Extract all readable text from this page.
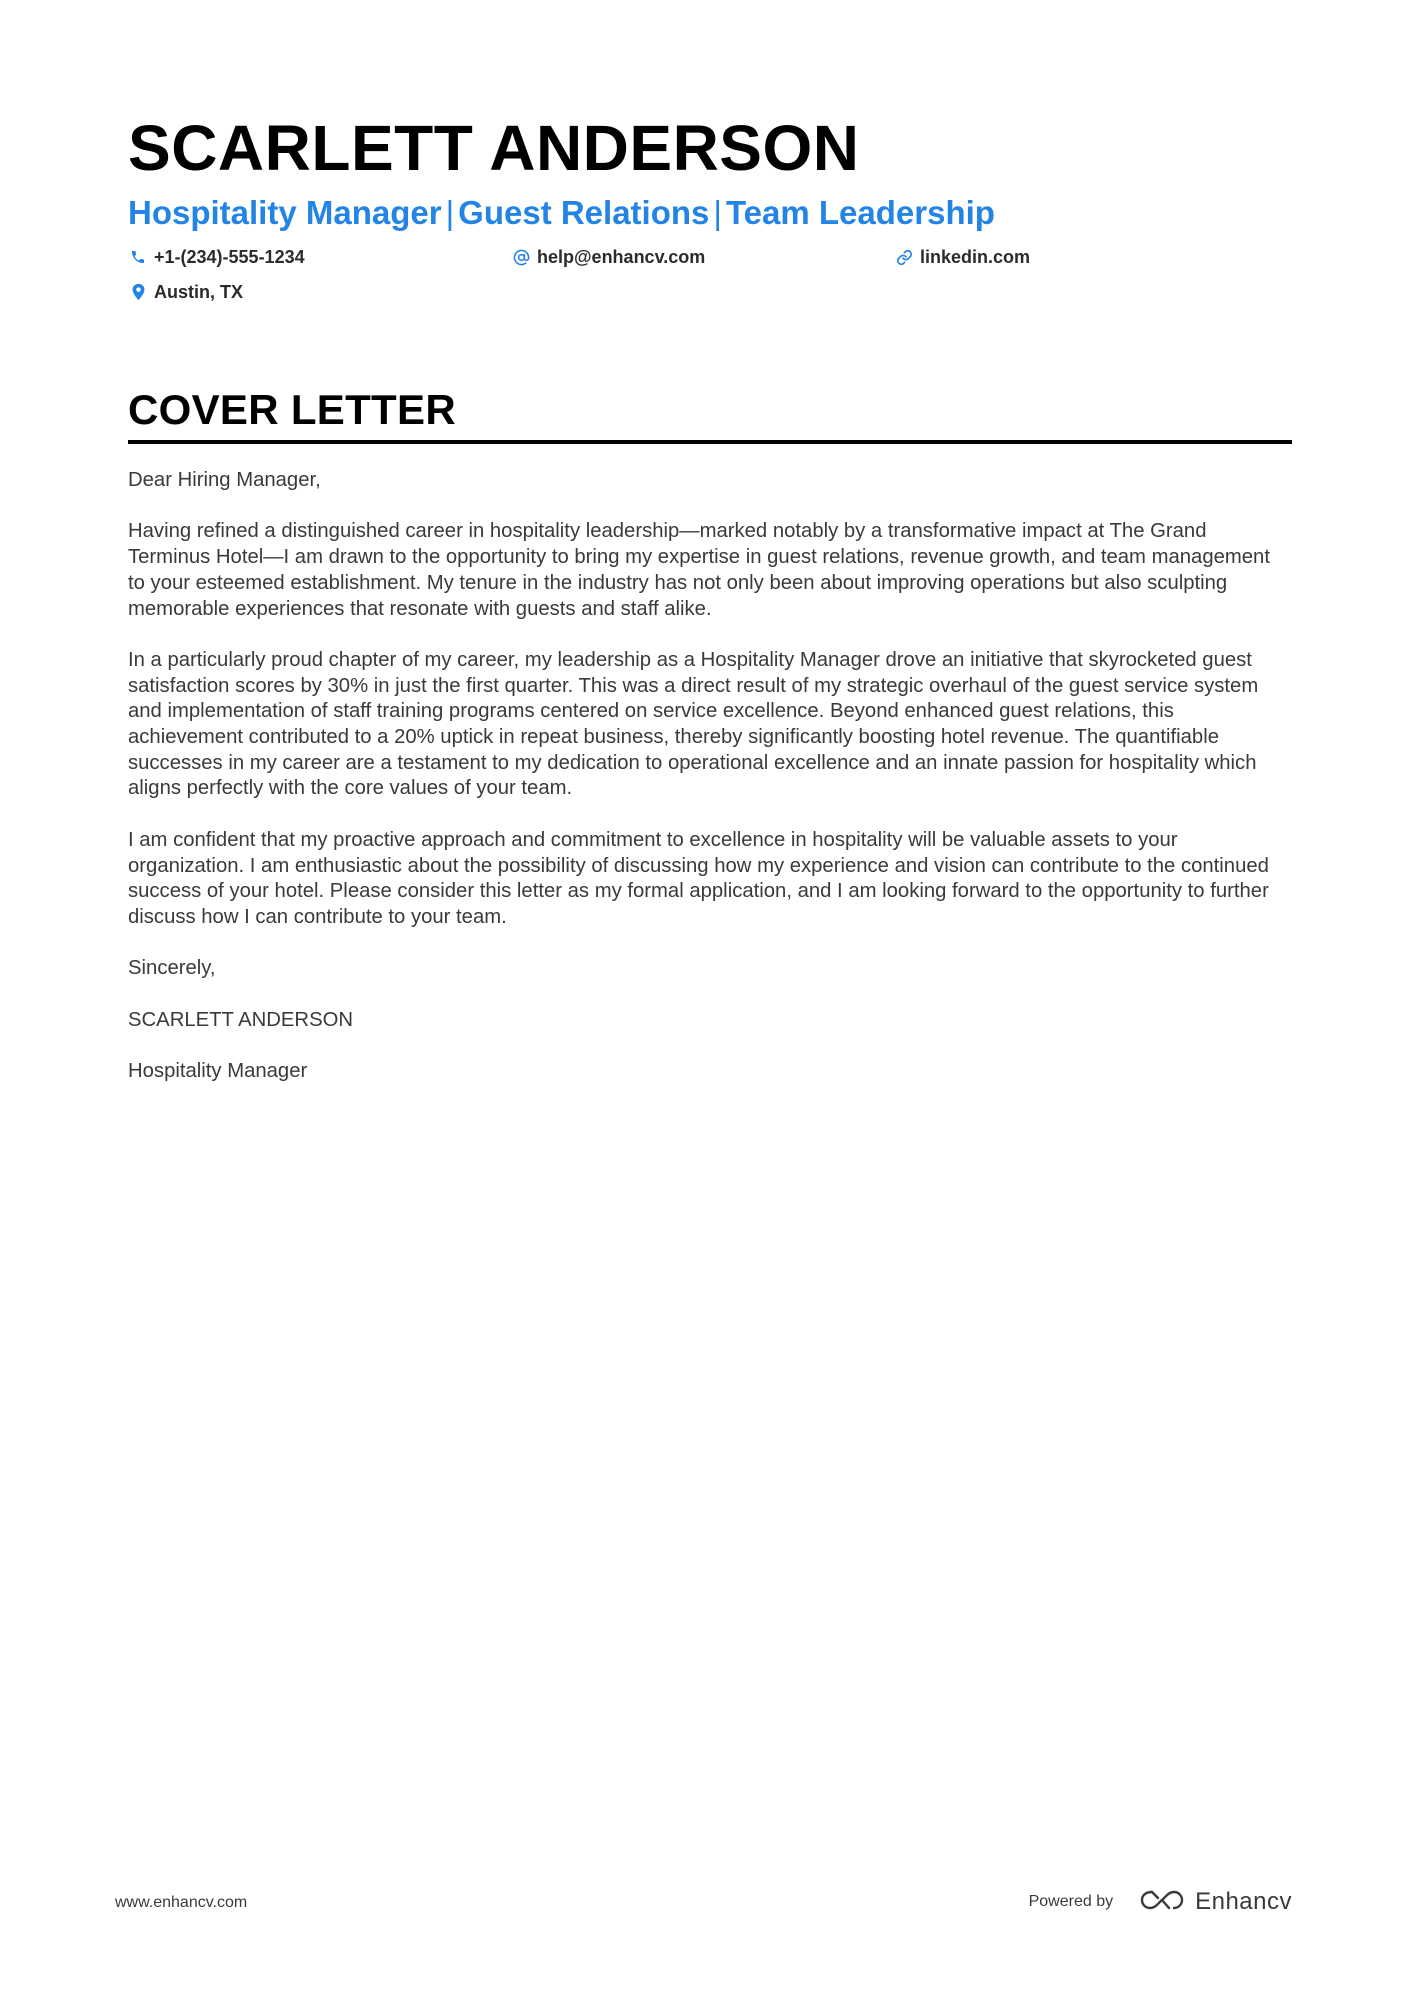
SCARLETT ANDERSON
Hospitality Manager | Guest Relations | Team Leadership
+1-(234)-555-1234	help@enhancv.com	linkedin.com
Austin, TX
COVER LETTER

Dear Hiring Manager,

Having refined a distinguished career in hospitality leadership—marked notably by a transformative impact at The Grand Terminus Hotel—I am drawn to the opportunity to bring my expertise in guest relations, revenue growth, and team management to your esteemed establishment. My tenure in the industry has not only been about improving operations but also sculpting memorable experiences that resonate with guests and staff alike.

In a particularly proud chapter of my career, my leadership as a Hospitality Manager drove an initiative that skyrocketed guest satisfaction scores by 30% in just the first quarter. This was a direct result of my strategic overhaul of the guest service system and implementation of staff training programs centered on service excellence. Beyond enhanced guest relations, this achievement contributed to a 20% uptick in repeat business, thereby significantly boosting hotel revenue. The quantifiable successes in my career are a testament to my dedication to operational excellence and an innate passion for hospitality which aligns perfectly with the core values of your team.

I am confident that my proactive approach and commitment to excellence in hospitality will be valuable assets to your organization. I am enthusiastic about the possibility of discussing how my experience and vision can contribute to the continued success of your hotel. Please consider this letter as my formal application, and I am looking forward to the opportunity to further discuss how I can contribute to your team.

Sincerely,

SCARLETT ANDERSON

Hospitality Manager

www.enhancv.com	Powered by	Enhancv
